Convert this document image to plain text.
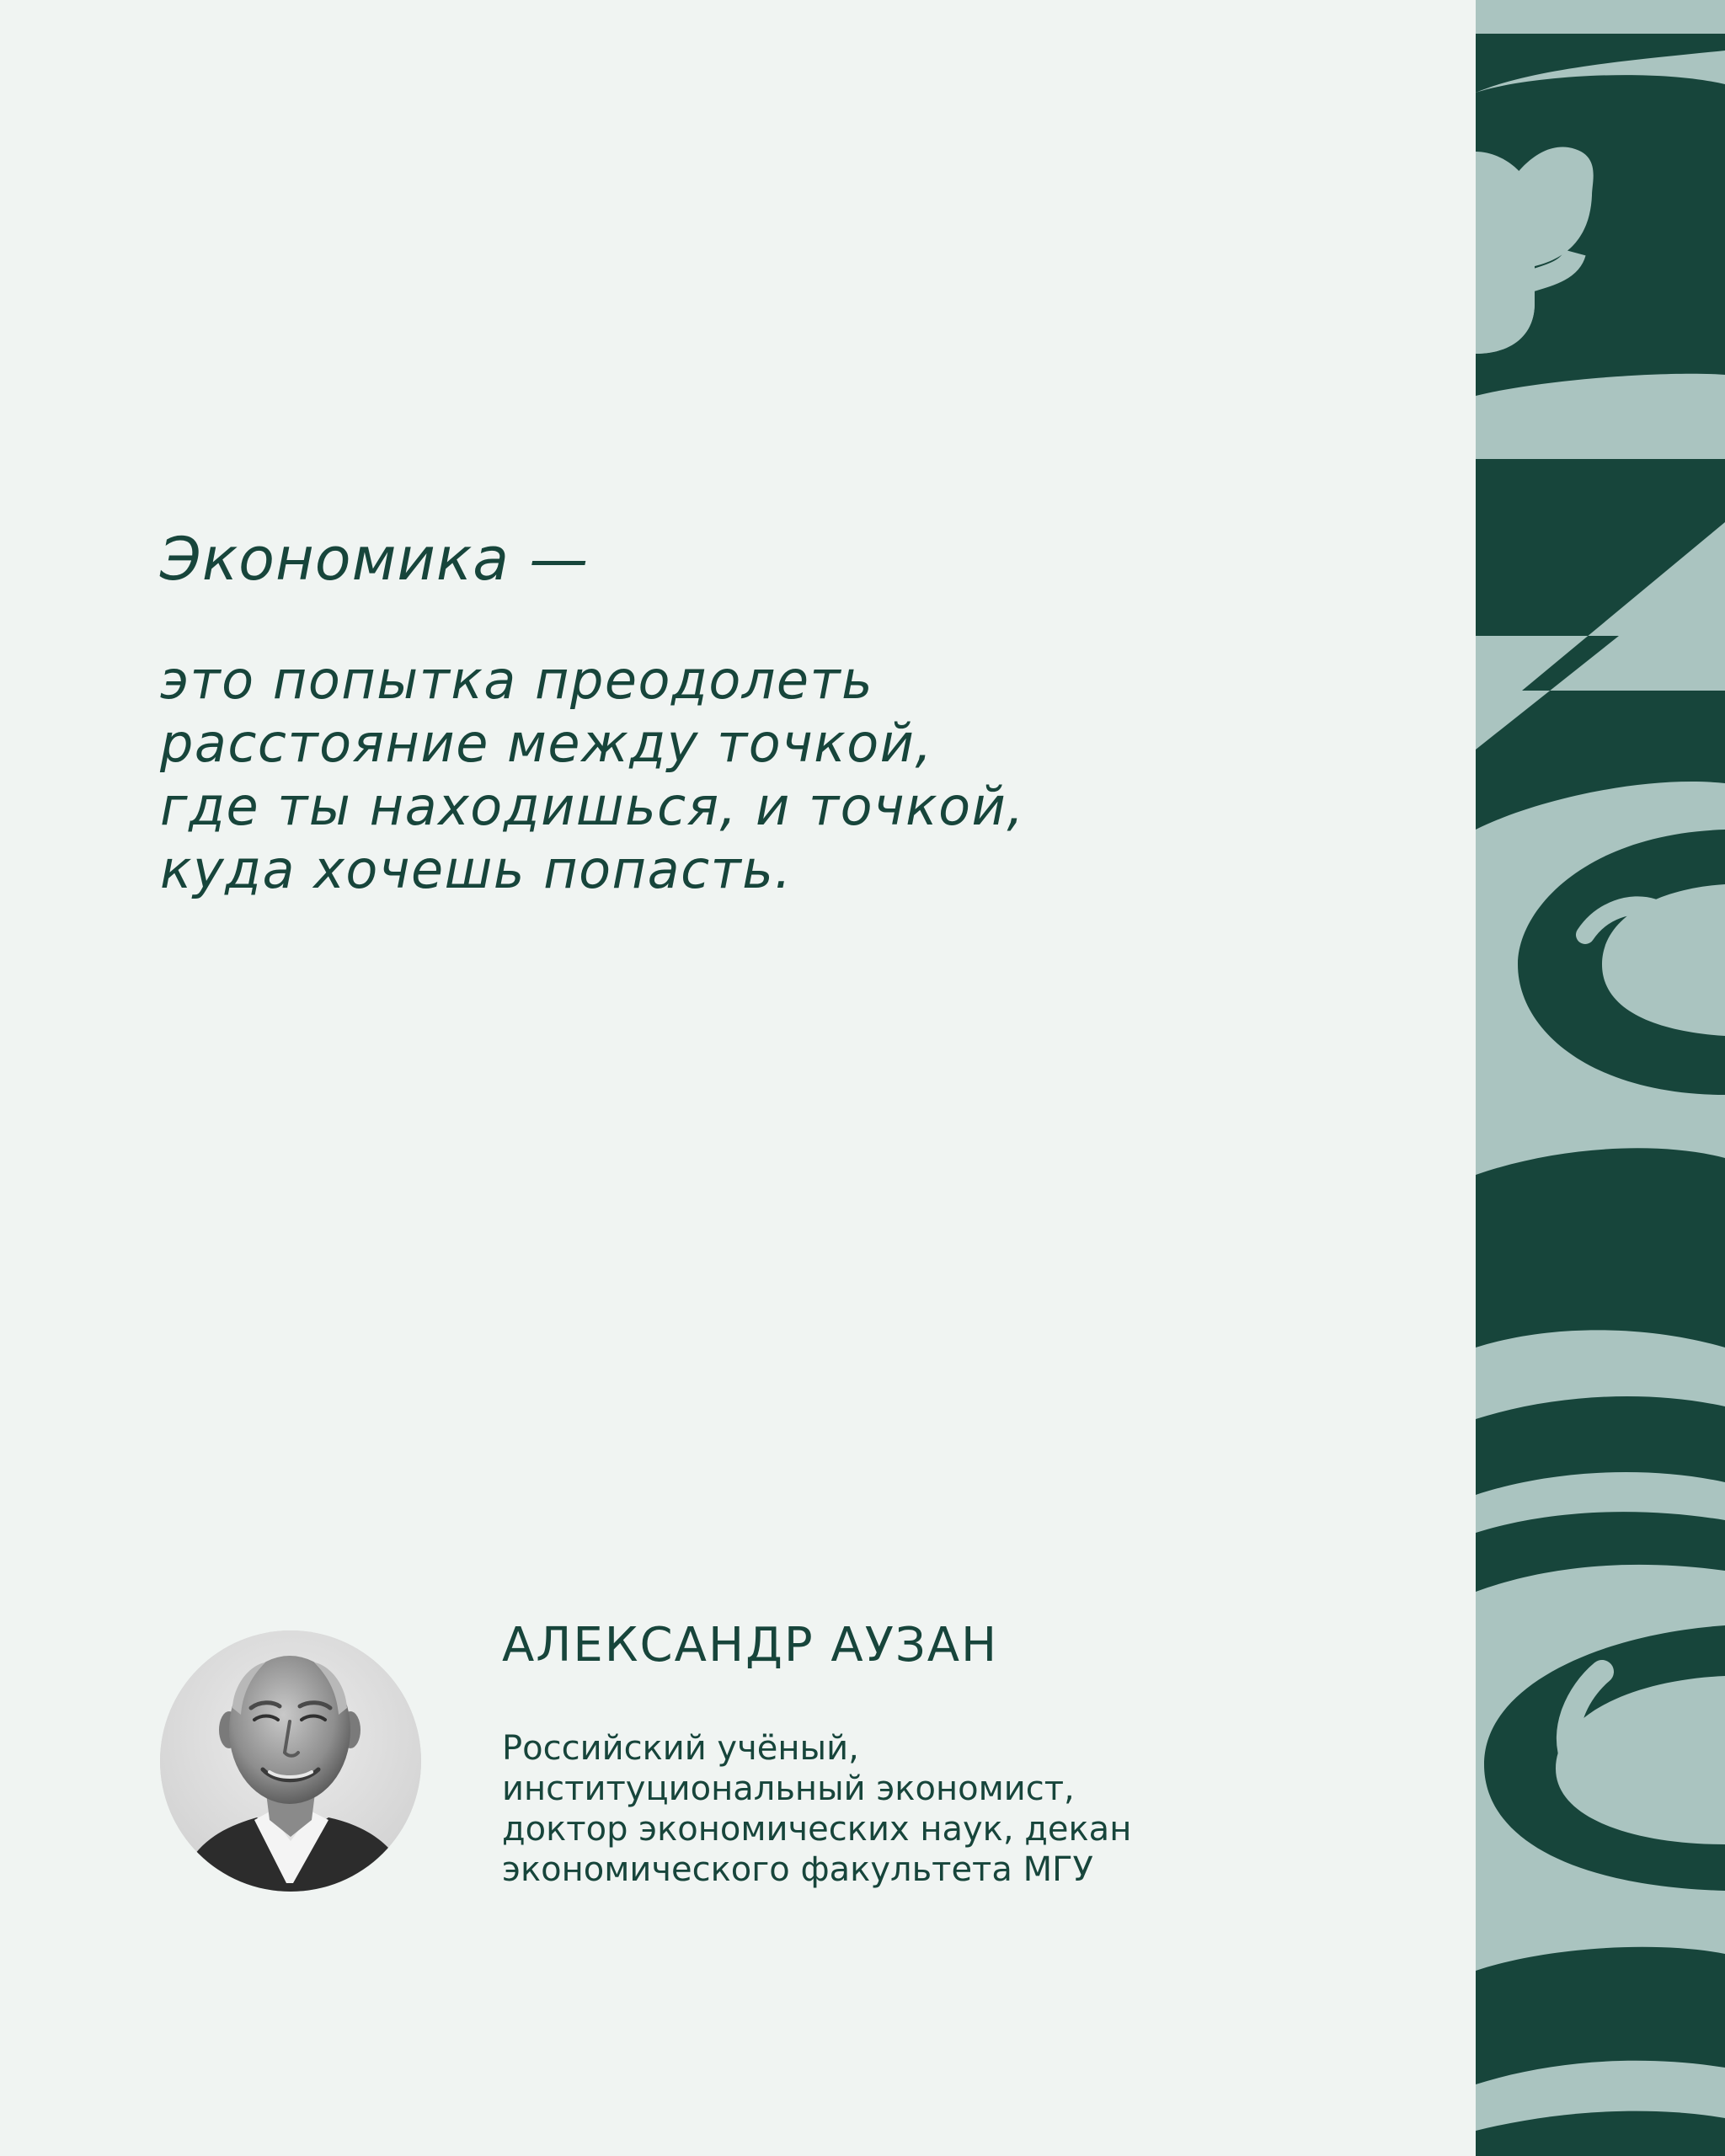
Экономика —

это попытка преодолеть
расстояние между точкой,
где ты находишься, и точкой,
куда хочешь попасть.

АЛЕКСАНДР АУЗАН

Российский учёный,
институциональный экономист,
доктор экономических наук, декан
экономического факультета МГУ
